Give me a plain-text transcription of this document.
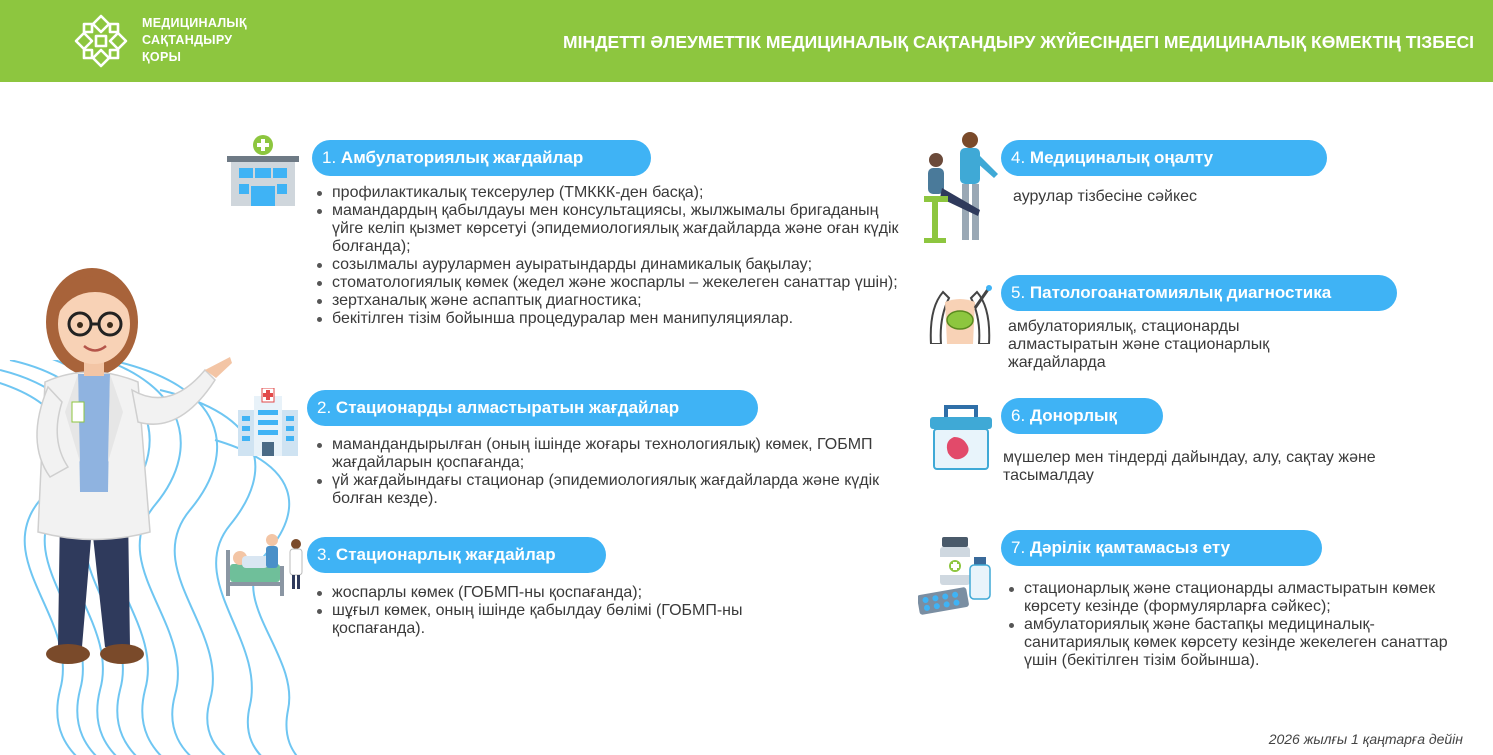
МЕДИЦИНАЛЫҚ
САҚТАНДЫРУ
ҚОРЫ
МІНДЕТТІ ӘЛЕУМЕТТІК МЕДИЦИНАЛЫҚ САҚТАНДЫРУ ЖҮЙЕСІНДЕГІ МЕДИЦИНАЛЫҚ КӨМЕКТІҢ ТІЗБЕСІ
1. Амбулаториялық жағдайлар
профилактикалық тексерулер (ТМККК-ден басқа);
мамандардың қабылдауы мен консультациясы, жылжымалы бригаданың үйге келіп қызмет көрсетуі (эпидемиологиялық жағдайларда және оған күдік болғанда);
созылмалы аурулармен ауыратындарды динамикалық бақылау;
стоматологиялық көмек (жедел және жоспарлы – жекелеген санаттар үшін);
зертханалық және аспаптық диагностика;
бекітілген тізім бойынша процедуралар мен манипуляциялар.
2. Стационарды алмастыратын жағдайлар
мамандандырылған (оның ішінде жоғары технологиялық) көмек, ГОБМП жағдайларын қоспағанда;
үй жағдайындағы стационар (эпидемиологиялық жағдайларда және күдік болған кезде).
3. Стационарлық жағдайлар
жоспарлы көмек (ГОБМП-ны қоспағанда);
шұғыл көмек, оның ішінде қабылдау бөлімі (ГОБМП-ны қоспағанда).
4. Медициналық оңалту
аурулар тізбесіне сәйкес
5. Патологоанатомиялық диагностика
амбулаториялық, стационарды алмастыратын және стационарлық жағдайларда
6. Донорлық
мүшелер мен тіндерді дайындау, алу, сақтау және тасымалдау
7. Дәрілік қамтамасыз ету
стационарлық және стационарды алмастыратын көмек көрсету кезінде (формулярларға сәйкес);
амбулаториялық және бастапқы медициналық-санитариялық көмек көрсету кезінде жекелеген санаттар үшін (бекітілген тізім бойынша).
2026 жылғы 1 қаңтарға дейін
